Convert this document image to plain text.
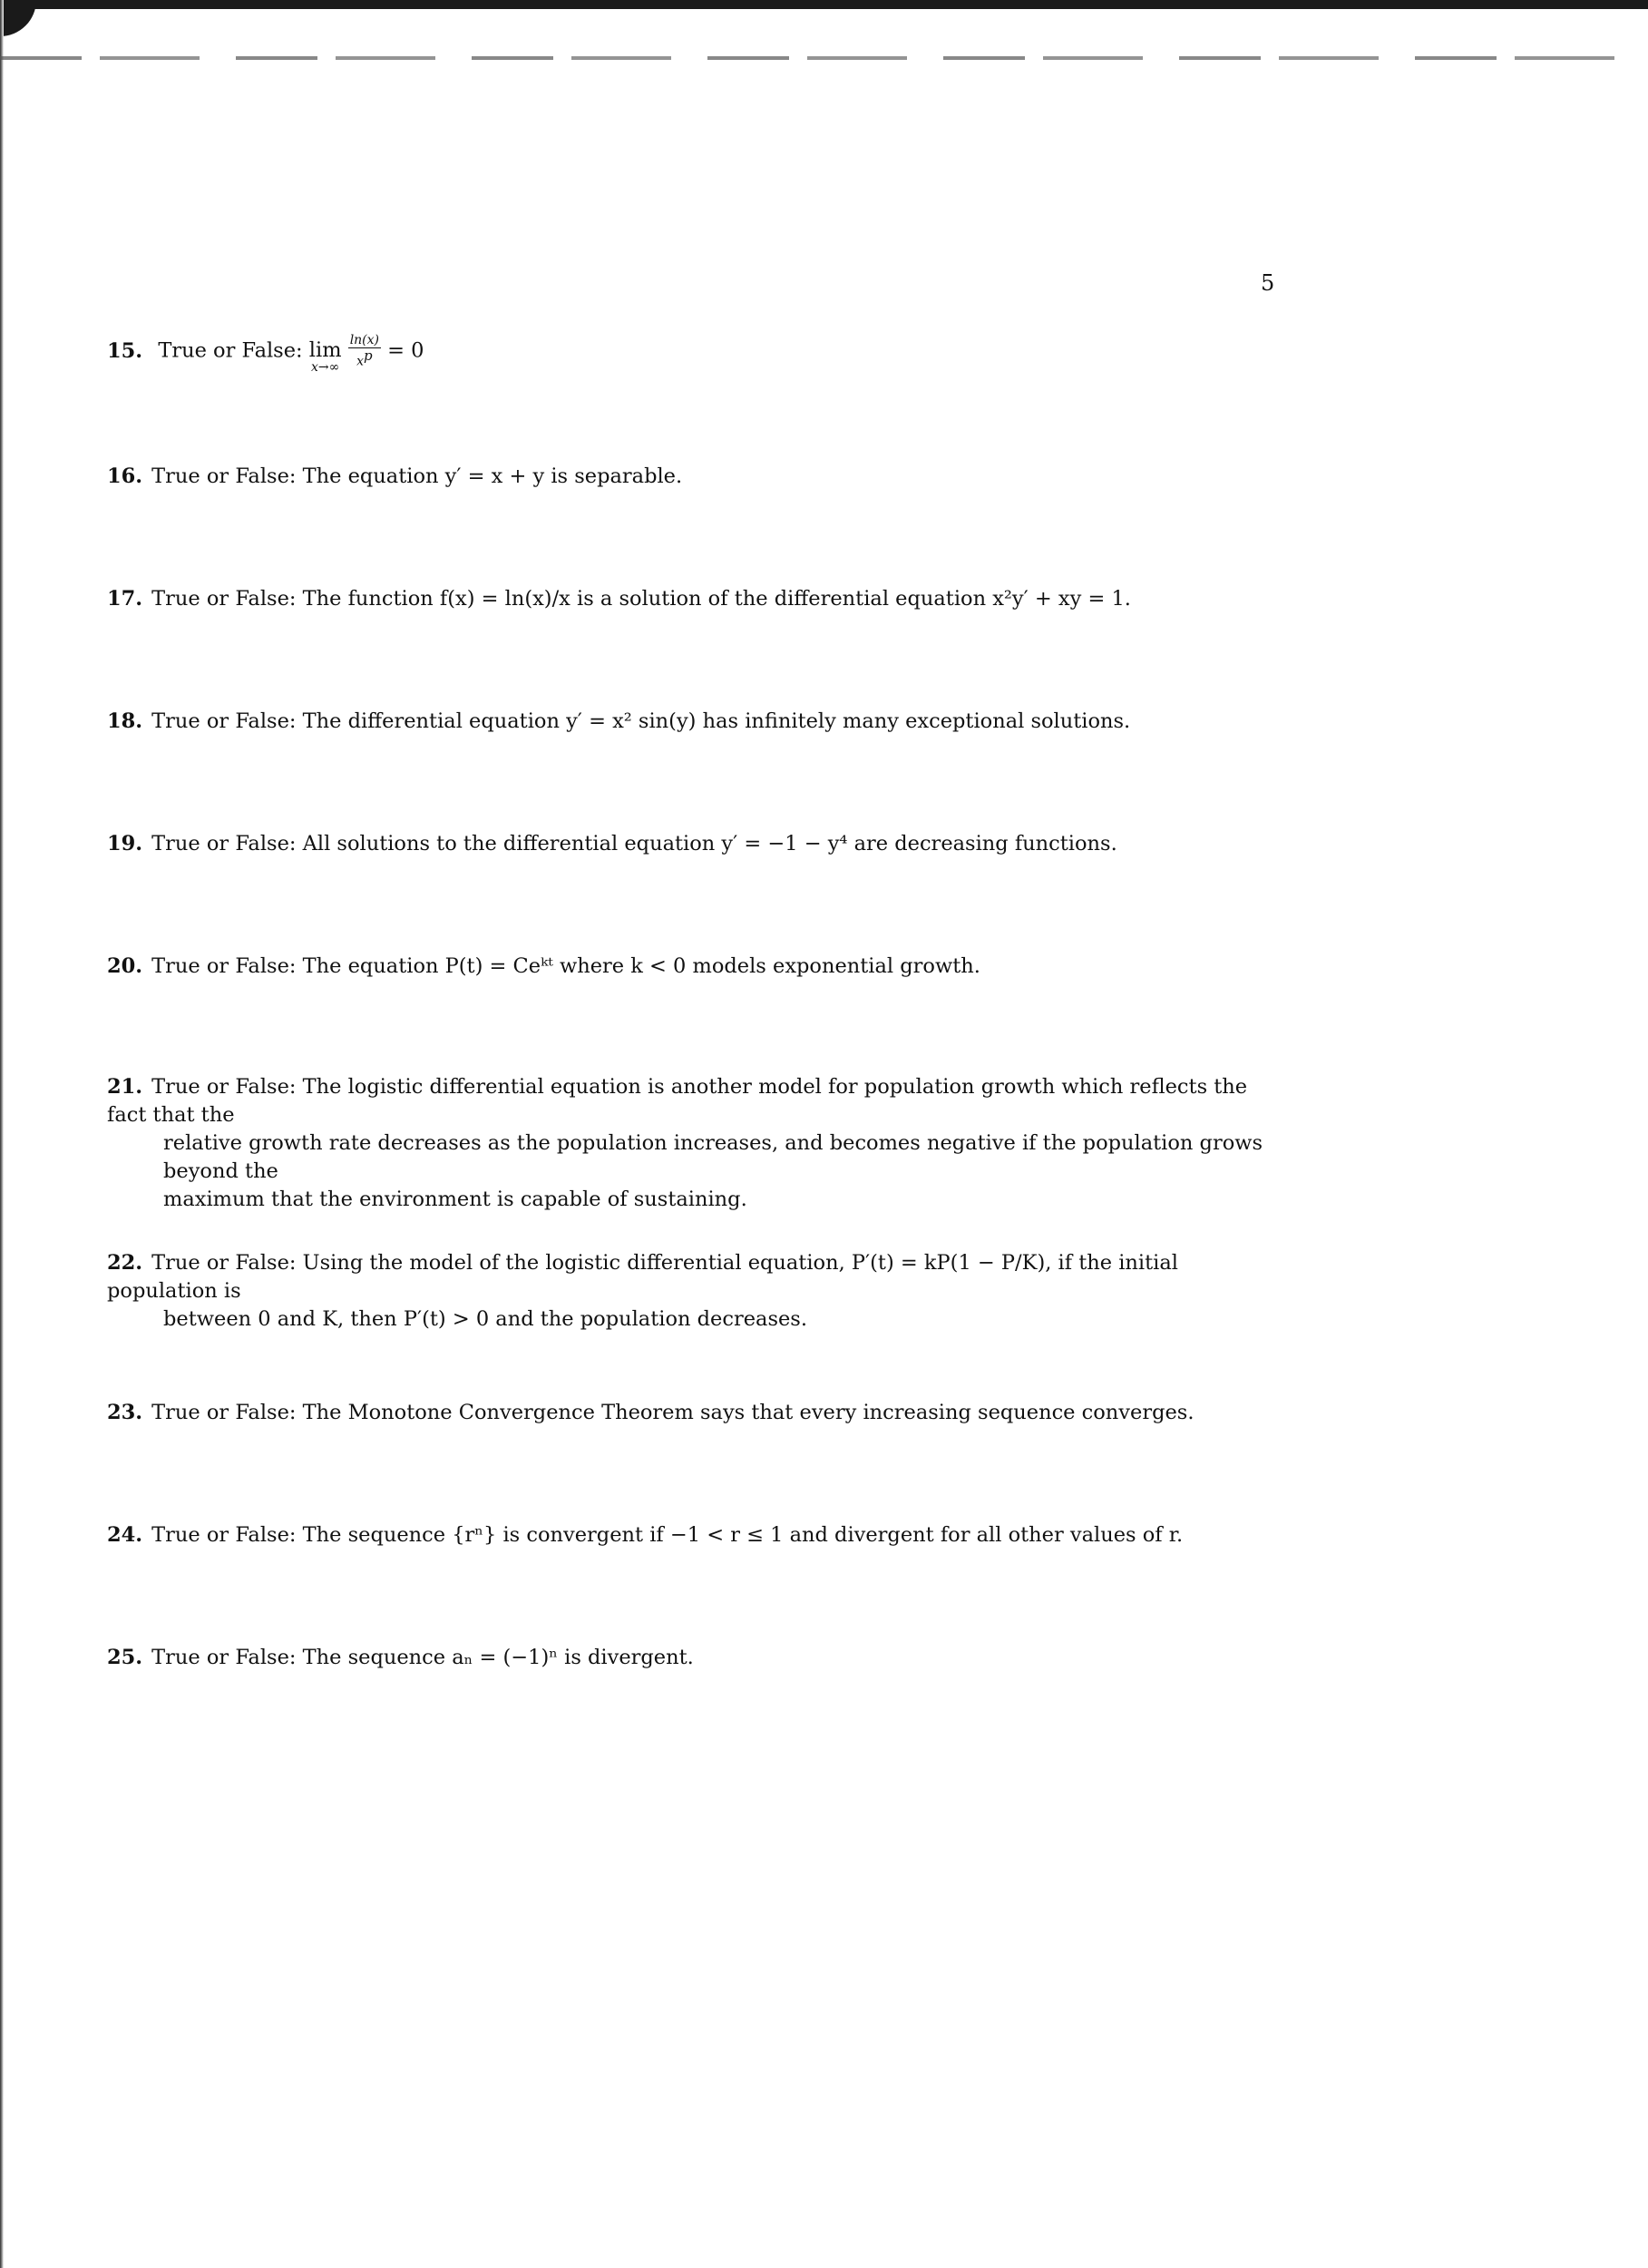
5
15. True or False: lim
x→∞
$\frac{\ln(x)}{x^p} = 0$
16. True or False: The equation y′ = x + y is separable.
17. True or False: The function f(x) = ln(x)/x is a solution of the differential equation x²y′ + xy = 1.
18. True or False: The differential equation y′ = x² sin(y) has infinitely many exceptional solutions.
19. True or False: All solutions to the differential equation y′ = −1 − y⁴ are decreasing functions.
20. True or False: The equation P(t) = Ceᵏᵗ where k < 0 models exponential growth.
21. True or False: The logistic differential equation is another model for population growth which reflects the fact that the
relative growth rate decreases as the population increases, and becomes negative if the population grows beyond the
maximum that the environment is capable of sustaining.
22. True or False: Using the model of the logistic differential equation, P′(t) = kP(1 − P/K), if the initial population is
between 0 and K, then P′(t) > 0 and the population decreases.
23. True or False: The Monotone Convergence Theorem says that every increasing sequence converges.
24. True or False: The sequence {rⁿ} is convergent if −1 < r ≤ 1 and divergent for all other values of r.
25. True or False: The sequence aₙ = (−1)ⁿ is divergent.
